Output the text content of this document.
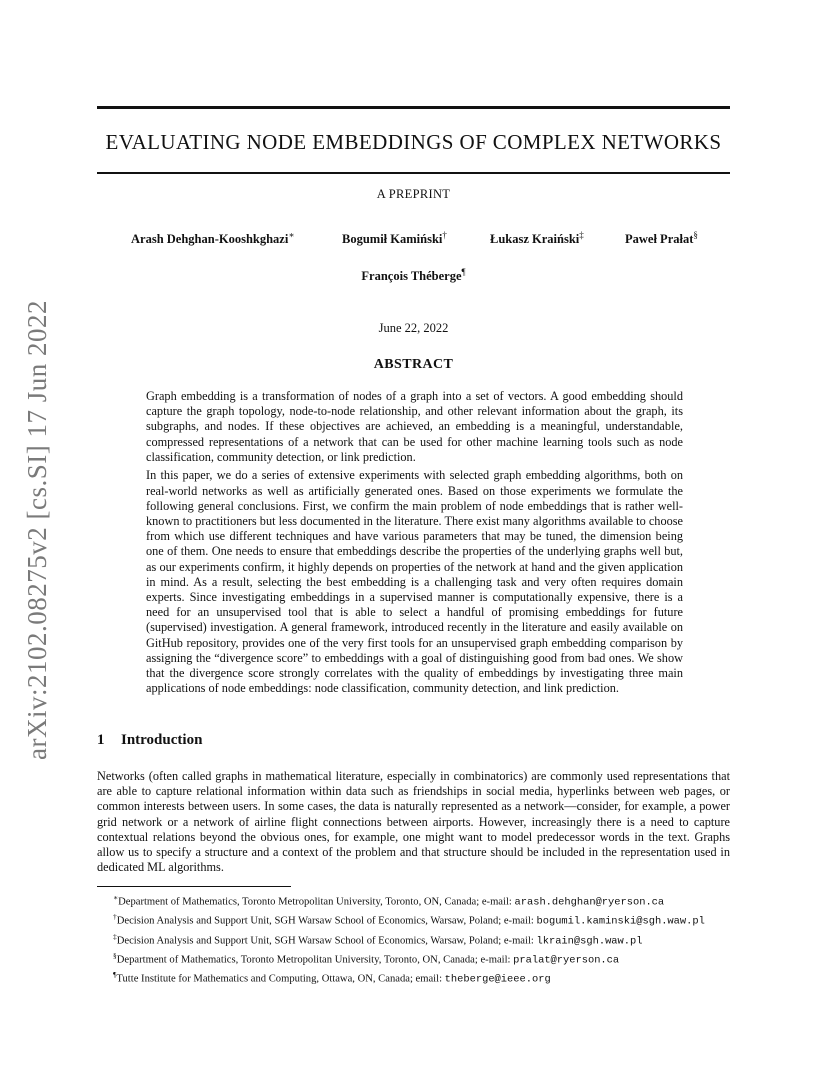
arXiv:2102.08275v2 [cs.SI] 17 Jun 2022
EVALUATING NODE EMBEDDINGS OF COMPLEX NETWORKS
A PREPRINT
Arash Dehghan-Kooshkghazi∗	Bogumił Kamiński†	Łukasz Kraiński‡	Paweł Prałat§
François Théberge¶
June 22, 2022
ABSTRACT

Graph embedding is a transformation of nodes of a graph into a set of vectors. A good embedding should capture the graph topology, node-to-node relationship, and other relevant information about the graph, its subgraphs, and nodes. If these objectives are achieved, an embedding is a meaningful, understandable, compressed representations of a network that can be used for other machine learning tools such as node classification, community detection, or link prediction.

In this paper, we do a series of extensive experiments with selected graph embedding algorithms, both on real-world networks as well as artificially generated ones. Based on those experiments we formulate the following general conclusions. First, we confirm the main problem of node embeddings that is rather well-known to practitioners but less documented in the literature. There exist many algorithms available to choose from which use different techniques and have various parameters that may be tuned, the dimension being one of them. One needs to ensure that embeddings describe the properties of the underlying graphs well but, as our experiments confirm, it highly depends on properties of the network at hand and the given application in mind. As a result, selecting the best embedding is a challenging task and very often requires domain experts. Since investigating embeddings in a supervised manner is computationally expensive, there is a need for an unsupervised tool that is able to select a handful of promising embeddings for future (supervised) investigation. A general framework, introduced recently in the literature and easily available on GitHub repository, provides one of the very first tools for an unsupervised graph embedding comparison by assigning the “divergence score” to embeddings with a goal of distinguishing good from bad ones. We show that the divergence score strongly correlates with the quality of embeddings by investigating three main applications of node embeddings: node classification, community detection, and link prediction.

1 Introduction

Networks (often called graphs in mathematical literature, especially in combinatorics) are commonly used representations that are able to capture relational information within data such as friendships in social media, hyperlinks between web pages, or common interests between users. In some cases, the data is naturally represented as a network—consider, for example, a power grid network or a network of airline flight connections between airports. However, increasingly there is a need to capture contextual relations beyond the obvious ones, for example, one might want to model predecessor words in the text. Graphs allow us to specify a structure and a context of the problem and that structure should be included in the representation used in dedicated ML algorithms.

∗Department of Mathematics, Toronto Metropolitan University, Toronto, ON, Canada; e-mail: arash.dehghan@ryerson.ca
†Decision Analysis and Support Unit, SGH Warsaw School of Economics, Warsaw, Poland; e-mail: bogumil.kaminski@sgh.waw.pl
‡Decision Analysis and Support Unit, SGH Warsaw School of Economics, Warsaw, Poland; e-mail: lkrain@sgh.waw.pl
§Department of Mathematics, Toronto Metropolitan University, Toronto, ON, Canada; e-mail: pralat@ryerson.ca
¶Tutte Institute for Mathematics and Computing, Ottawa, ON, Canada; email: theberge@ieee.org
